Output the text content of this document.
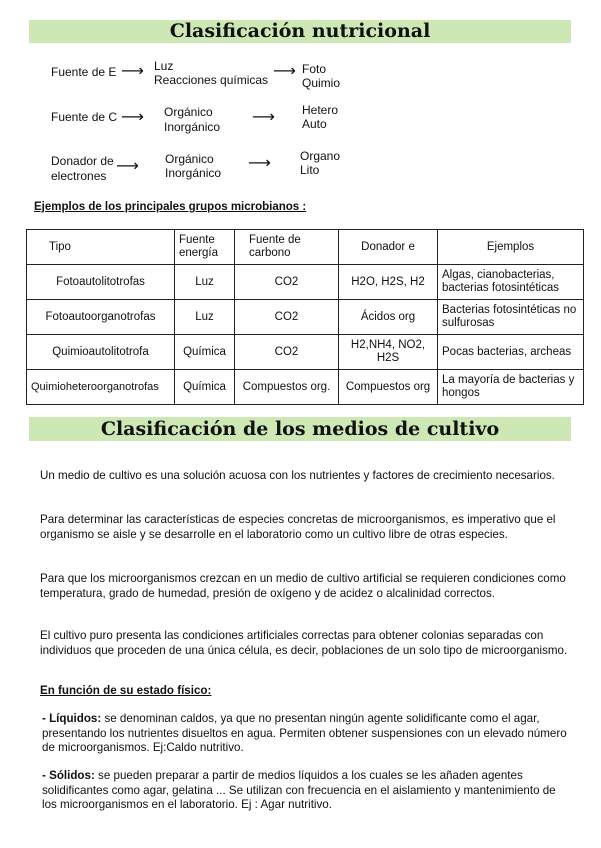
Clasificación nutricional
Fuente de E ⟶ Luz
Reacciones químicas ⟶ Foto
Quimio
Fuente de C ⟶ Orgánico
Inorgánico
⟶ Hetero
Auto
Donador de
electrones
⟶ Orgánico
Inorgánico
⟶ Organo
Lito
Ejemplos de los principales grupos microbianos :
Tipo	Fuente energía	Fuente de carbono	Donador e	Ejemplos
Fotoautolitotrofas	Luz	CO2	H2O, H2S, H2	Algas, cianobacterias, bacterias fotosintéticas
Fotoautoorganotrofas	Luz	CO2	Ácidos org	Bacterias fotosintéticas no sulfurosas
Quimioautolitotrofa	Química	CO2	H2,NH4, NO2, H2S	Pocas bacterias, archeas
Quimioheteroorganotrofas	Química	Compuestos org.	Compuestos org	La mayoría de bacterias y hongos
Clasificación de los medios de cultivo
Un medio de cultivo es una solución acuosa con los nutrientes y factores de crecimiento necesarios.
Para determinar las características de especies concretas de microorganismos, es imperativo que el organismo se aisle y se desarrolle en el laboratorio como un cultivo libre de otras especies.
Para que los microorganismos crezcan en un medio de cultivo artificial se requieren condiciones como temperatura, grado de humedad, presión de oxígeno y de acidez o alcalinidad correctos.
El cultivo puro presenta las condiciones artificiales correctas para obtener colonias separadas con individuos que proceden de una única célula, es decir, poblaciones de un solo tipo de microorganismo.
En función de su estado físico:
- Líquidos: se denominan caldos, ya que no presentan ningún agente solidificante como el agar, presentando los nutrientes disueltos en agua. Permiten obtener suspensiones con un elevado número de microorganismos. Ej:Caldo nutritivo.
- Sólidos: se pueden preparar a partir de medios líquidos a los cuales se les añaden agentes solidificantes como agar, gelatina ... Se utilizan con frecuencia en el aislamiento y mantenimiento de los microorganismos en el laboratorio. Ej : Agar nutritivo.
